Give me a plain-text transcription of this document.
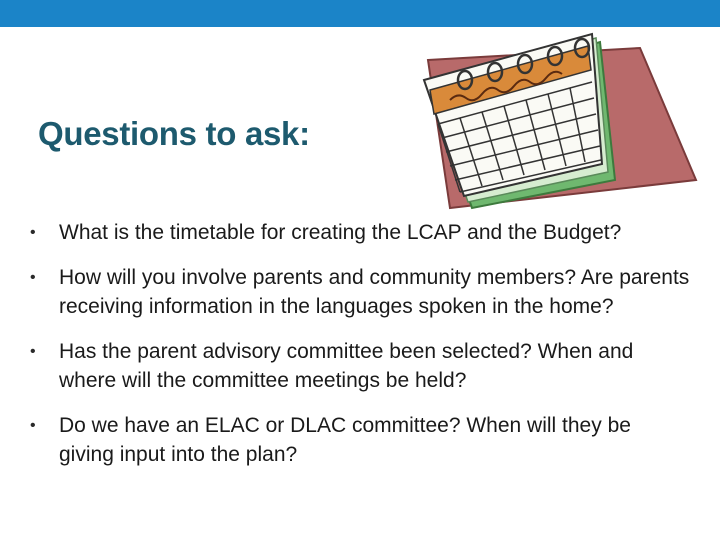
Questions to ask:
• What is the timetable for creating the LCAP and the Budget?
• How will you involve parents and community members? Are parents receiving information in the languages spoken in the home?
• Has the parent advisory committee been selected? When and where will the committee meetings be held?
• Do we have an ELAC or DLAC committee? When will they be giving input into the plan?
